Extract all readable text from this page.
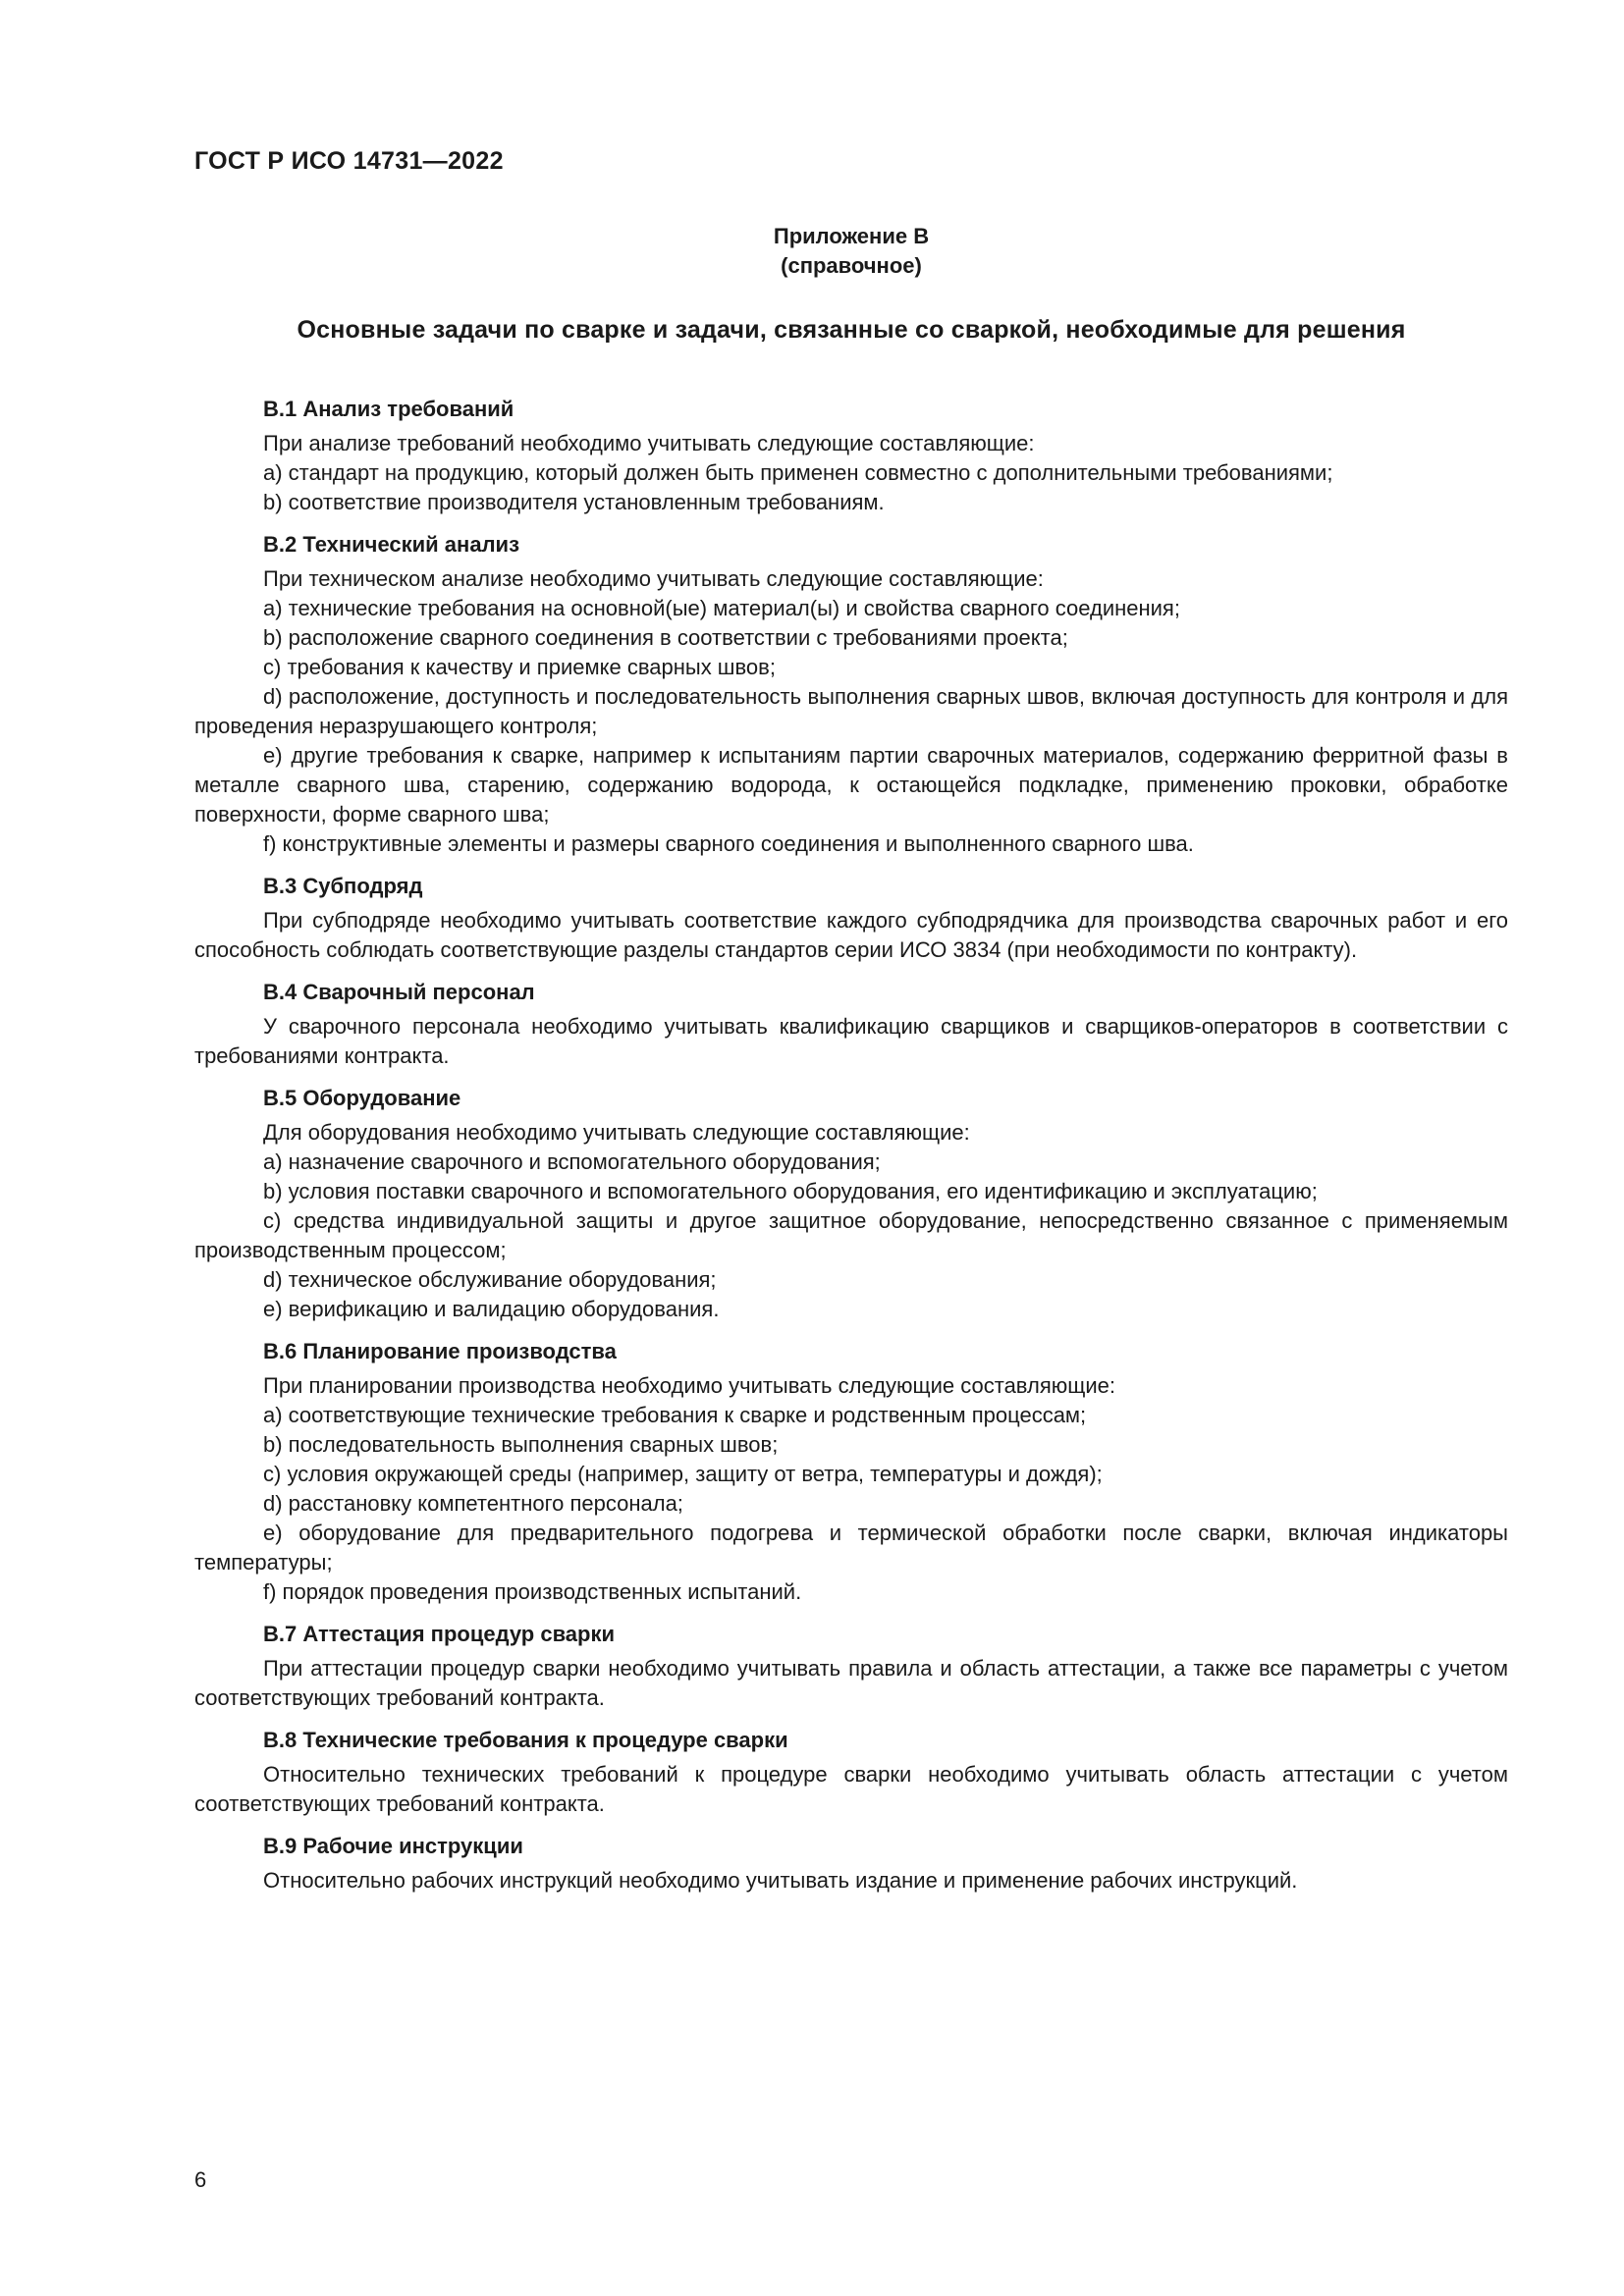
ГОСТ Р ИСО 14731—2022
Приложение B
(справочное)
Основные задачи по сварке и задачи, связанные со сваркой, необходимые для решения
B.1 Анализ требований

При анализе требований необходимо учитывать следующие составляющие:

a) стандарт на продукцию, который должен быть применен совместно с дополнительными требованиями;

b) соответствие производителя установленным требованиям.

B.2 Технический анализ

При техническом анализе необходимо учитывать следующие составляющие:

a) технические требования на основной(ые) материал(ы) и свойства сварного соединения;

b) расположение сварного соединения в соответствии с требованиями проекта;

c) требования к качеству и приемке сварных швов;

d) расположение, доступность и последовательность выполнения сварных швов, включая доступность для контроля и для проведения неразрушающего контроля;

e) другие требования к сварке, например к испытаниям партии сварочных материалов, содержанию ферритной фазы в металле сварного шва, старению, содержанию водорода, к остающейся подкладке, применению проковки, обработке поверхности, форме сварного шва;

f) конструктивные элементы и размеры сварного соединения и выполненного сварного шва.

B.3 Субподряд

При субподряде необходимо учитывать соответствие каждого субподрядчика для производства сварочных работ и его способность соблюдать соответствующие разделы стандартов серии ИСО 3834 (при необходимости по контракту).

B.4 Сварочный персонал

У сварочного персонала необходимо учитывать квалификацию сварщиков и сварщиков-операторов в соответствии с требованиями контракта.

B.5 Оборудование

Для оборудования необходимо учитывать следующие составляющие:

a) назначение сварочного и вспомогательного оборудования;

b) условия поставки сварочного и вспомогательного оборудования, его идентификацию и эксплуатацию;

c) средства индивидуальной защиты и другое защитное оборудование, непосредственно связанное с применяемым производственным процессом;

d) техническое обслуживание оборудования;

e) верификацию и валидацию оборудования.

B.6 Планирование производства

При планировании производства необходимо учитывать следующие составляющие:

a) соответствующие технические требования к сварке и родственным процессам;

b) последовательность выполнения сварных швов;

c) условия окружающей среды (например, защиту от ветра, температуры и дождя);

d) расстановку компетентного персонала;

e) оборудование для предварительного подогрева и термической обработки после сварки, включая индикаторы температуры;

f) порядок проведения производственных испытаний.

B.7 Аттестация процедур сварки

При аттестации процедур сварки необходимо учитывать правила и область аттестации, а также все параметры с учетом соответствующих требований контракта.

B.8 Технические требования к процедуре сварки

Относительно технических требований к процедуре сварки необходимо учитывать область аттестации с учетом соответствующих требований контракта.

B.9 Рабочие инструкции

Относительно рабочих инструкций необходимо учитывать издание и применение рабочих инструкций.

6
